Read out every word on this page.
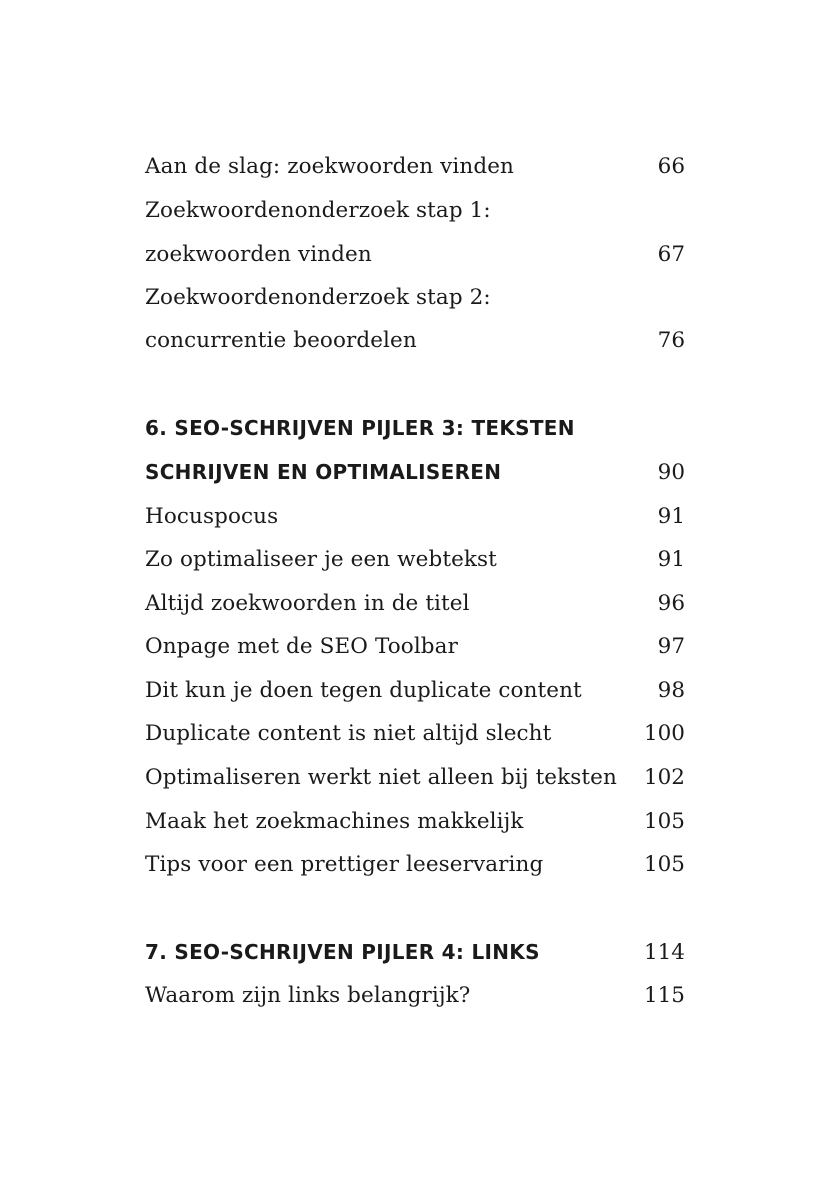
Aan de slag: zoekwoorden vinden	66
Zoekwoordenonderzoek stap 1:
zoekwoorden vinden	67
Zoekwoordenonderzoek stap 2:
concurrentie beoordelen	76
6. SEO-SCHRIJVEN PIJLER 3: TEKSTEN
SCHRIJVEN EN OPTIMALISEREN	90
Hocuspocus	91
Zo optimaliseer je een webtekst	91
Altijd zoekwoorden in de titel	96
Onpage met de SEO Toolbar	97
Dit kun je doen tegen duplicate content	98
Duplicate content is niet altijd slecht	100
Optimaliseren werkt niet alleen bij teksten 102
Maak het zoekmachines makkelijk	105
Tips voor een prettiger leeservaring	105
7. SEO-SCHRIJVEN PIJLER 4: LINKS	114
Waarom zijn links belangrijk?	115
